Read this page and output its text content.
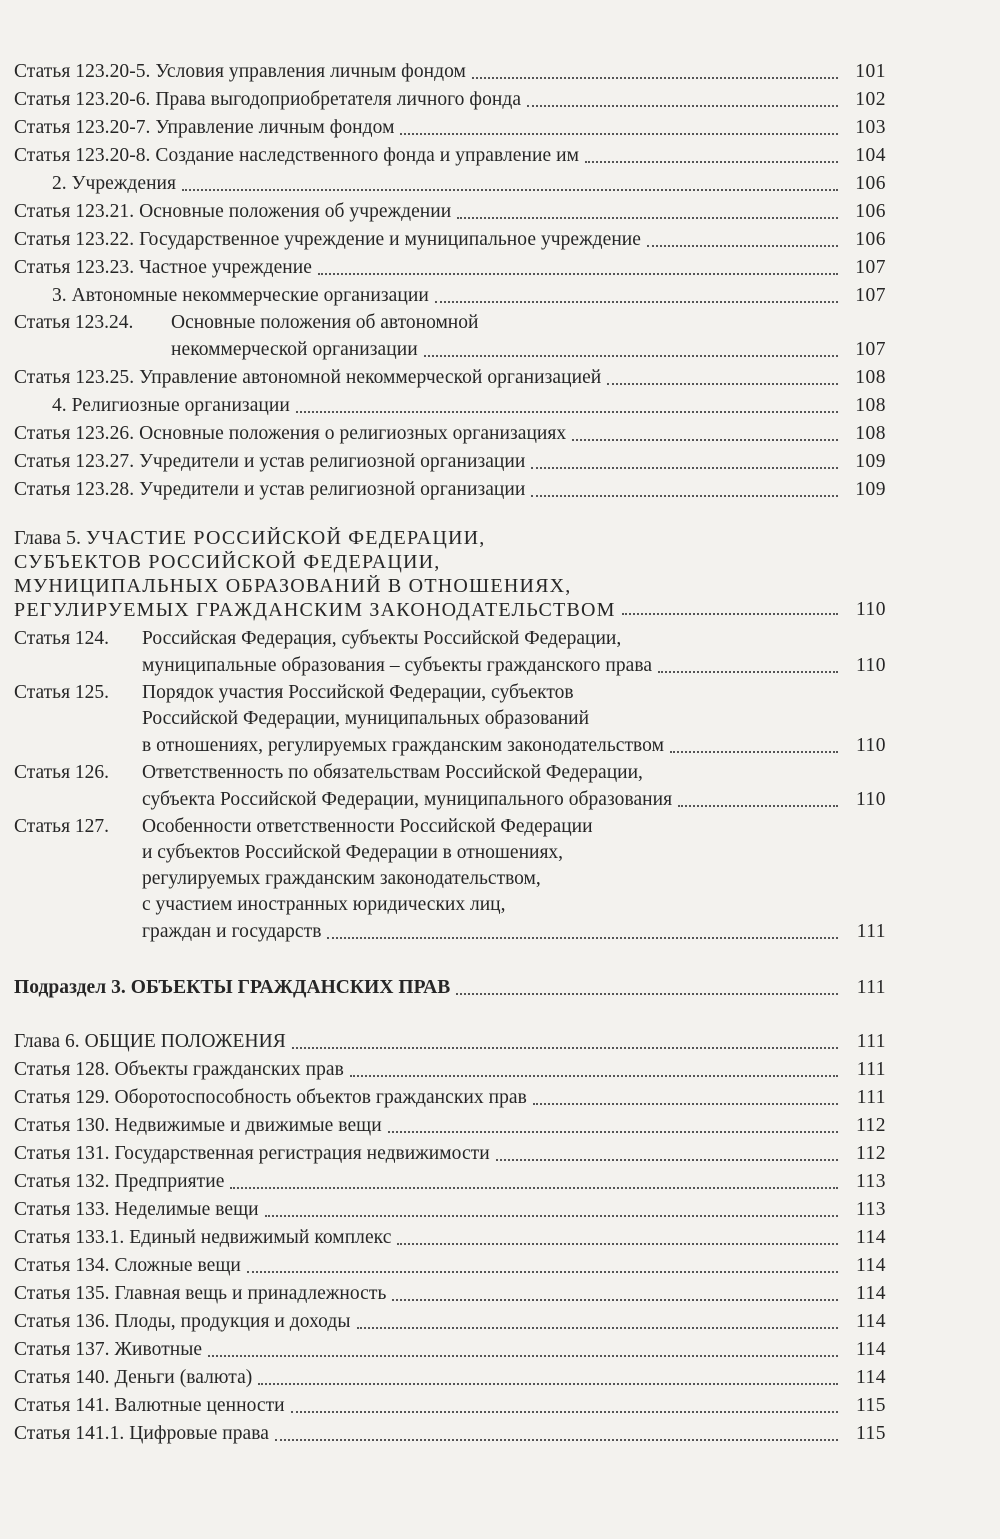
Статья 123.20-5. Условия управления личным фондом	101
Статья 123.20-6. Права выгодоприобретателя личного фонда	102
Статья 123.20-7. Управление личным фондом	103
Статья 123.20-8. Создание наследственного фонда и управление им	104
2. Учреждения	106
Статья 123.21. Основные положения об учреждении	106
Статья 123.22. Государственное учреждение и муниципальное учреждение	106
Статья 123.23. Частное учреждение	107
3. Автономные некоммерческие организации	107
Статья 123.24.	Основные положения об автономной
некоммерческой организации	107
Статья 123.25. Управление автономной некоммерческой организацией	108
4. Религиозные организации	108
Статья 123.26. Основные положения о религиозных организациях	108
Статья 123.27. Учредители и устав религиозной организации	109
Статья 123.28. Учредители и устав религиозной организации	109
Глава 5. УЧАСТИЕ РОССИЙСКОЙ ФЕДЕРАЦИИ,
СУБЪЕКТОВ РОССИЙСКОЙ ФЕДЕРАЦИИ,
МУНИЦИПАЛЬНЫХ ОБРАЗОВАНИЙ В ОТНОШЕНИЯХ,
РЕГУЛИРУЕМЫХ ГРАЖДАНСКИМ ЗАКОНОДАТЕЛЬСТВОМ	110
Статья 124.	Российская Федерация, субъекты Российской Федерации,
муниципальные образования – субъекты гражданского права	110
Статья 125.	Порядок участия Российской Федерации, субъектов
Российской Федерации, муниципальных образований
в отношениях, регулируемых гражданским законодательством	110
Статья 126.	Ответственность по обязательствам Российской Федерации,
субъекта Российской Федерации, муниципального образования	110
Статья 127.	Особенности ответственности Российской Федерации
и субъектов Российской Федерации в отношениях,
регулируемых гражданским законодательством,
с участием иностранных юридических лиц,
граждан и государств	111
Подраздел 3. ОБЪЕКТЫ ГРАЖДАНСКИХ ПРАВ	111
Глава 6. ОБЩИЕ ПОЛОЖЕНИЯ	111
Статья 128. Объекты гражданских прав	111
Статья 129. Оборотоспособность объектов гражданских прав	111
Статья 130. Недвижимые и движимые вещи	112
Статья 131. Государственная регистрация недвижимости	112
Статья 132. Предприятие	113
Статья 133. Неделимые вещи	113
Статья 133.1. Единый недвижимый комплекс	114
Статья 134. Сложные вещи	114
Статья 135. Главная вещь и принадлежность	114
Статья 136. Плоды, продукция и доходы	114
Статья 137. Животные	114
Статья 140. Деньги (валюта)	114
Статья 141. Валютные ценности	115
Статья 141.1. Цифровые права	115
